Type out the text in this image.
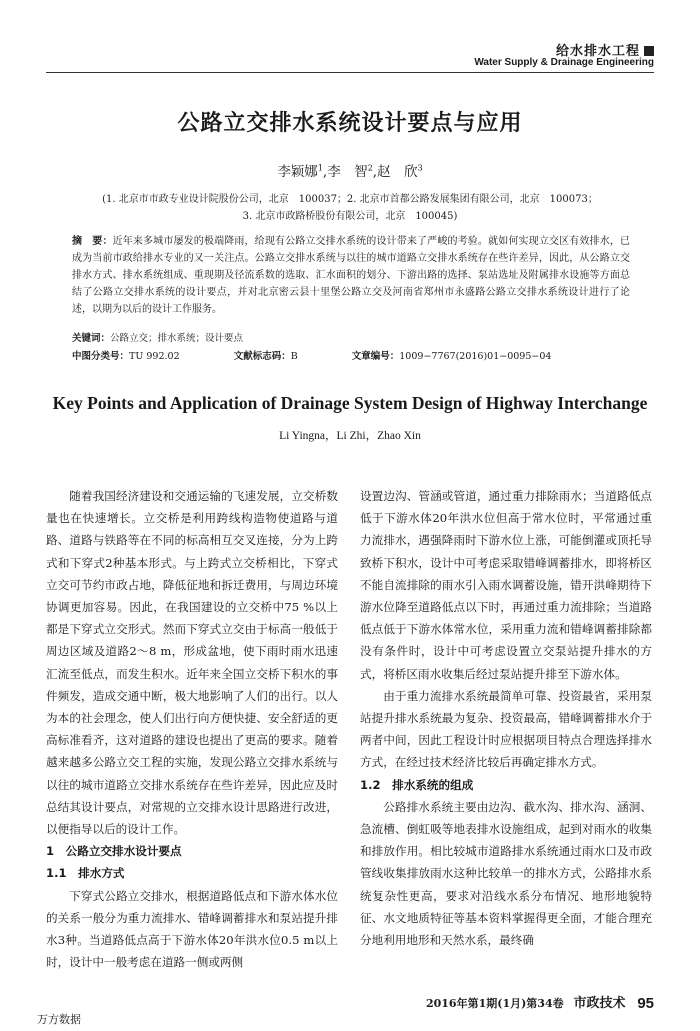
给水排水工程
Water Supply & Drainage Engineering
公路立交排水系统设计要点与应用
李颖娜$^1$,李　智$^2$,赵　欣$^3$
(1. 北京市市政专业设计院股份公司，北京　100037；2. 北京市首都公路发展集团有限公司，北京　100073；
3. 北京市政路桥股份有限公司，北京　100045)
摘　要：近年来多城市屡发的极端降雨，给现有公路立交排水系统的设计带来了严峻的考验。就如何实现立交区有效排水，已成为当前市政给排水专业的又一关注点。公路立交排水系统与以往的城市道路立交排水系统存在些许差异，因此，从公路立交排水方式、排水系统组成、重现期及径流系数的选取、汇水面积的划分、下游出路的选择、泵站选址及附属排水设施等方面总结了公路立交排水系统的设计要点，并对北京密云县十里堡公路立交及河南省郑州市永盛路公路立交排水系统设计进行了论述，以期为以后的设计工作服务。
关键词：公路立交；排水系统；设计要点
中图分类号：TU 992.02	文献标志码：B	文章编号：1009−7767(2016)01−0095−04
Key Points and Application of Drainage System Design of Highway Interchange
Li Yingna，Li Zhi，Zhao Xin

随着我国经济建设和交通运输的飞速发展，立交桥数量也在快速增长。立交桥是利用跨线构造物使道路与道路、道路与铁路等在不同的标高相互交叉连接，分为上跨式和下穿式2种基本形式。与上跨式立交桥相比，下穿式立交可节约市政占地，降低征地和拆迁费用，与周边环境协调更加容易。因此，在我国建设的立交桥中75 %以上都是下穿式立交形式。然而下穿式立交由于标高一般低于周边区域及道路2～8 m，形成盆地，使下雨时雨水迅速汇流至低点，而发生积水。近年来全国立交桥下积水的事件频发，造成交通中断，极大地影响了人们的出行。以人为本的社会理念，使人们出行向方便快捷、安全舒适的更高标准看齐，这对道路的建设也提出了更高的要求。随着越来越多公路立交工程的实施，发现公路立交排水系统与以往的城市道路立交排水系统存在些许差异，因此应及时总结其设计要点，对常规的立交排水设计思路进行改进，以便指导以后的设计工作。

1　公路立交排水设计要点

1.1　排水方式

下穿式公路立交排水，根据道路低点和下游水体水位的关系一般分为重力流排水、错峰调蓄排水和泵站提升排水3种。当道路低点高于下游水体20年洪水位0.5 m以上时，设计中一般考虑在道路一侧或两侧

设置边沟、管涵或管道，通过重力排除雨水；当道路低点低于下游水体20年洪水位但高于常水位时，平常通过重力流排水，遇强降雨时下游水位上涨，可能倒灌或顶托导致桥下积水，设计中可考虑采取错峰调蓄排水，即将桥区不能自流排除的雨水引入雨水调蓄设施，错开洪峰期待下游水位降至道路低点以下时，再通过重力流排除；当道路低点低于下游水体常水位，采用重力流和错峰调蓄排除都没有条件时，设计中可考虑设置立交泵站提升排水的方式，将桥区雨水收集后经过泵站提升排至下游水体。

由于重力流排水系统最简单可靠、投资最省，采用泵站提升排水系统最为复杂、投资最高，错峰调蓄排水介于两者中间，因此工程设计时应根据项目特点合理选择排水方式，在经过技术经济比较后再确定排水方式。

1.2　排水系统的组成

公路排水系统主要由边沟、截水沟、排水沟、涵洞、急流槽、倒虹吸等地表排水设施组成，起到对雨水的收集和排放作用。相比较城市道路排水系统通过雨水口及市政管线收集排放雨水这种比较单一的排水方式，公路排水系统复杂性更高，要求对沿线水系分布情况、地形地貌特征、水文地质特征等基本资料掌握得更全面，才能合理充分地利用地形和天然水系，最终确

2016年第1期(1月)第34卷 市政技术 95
万方数据
